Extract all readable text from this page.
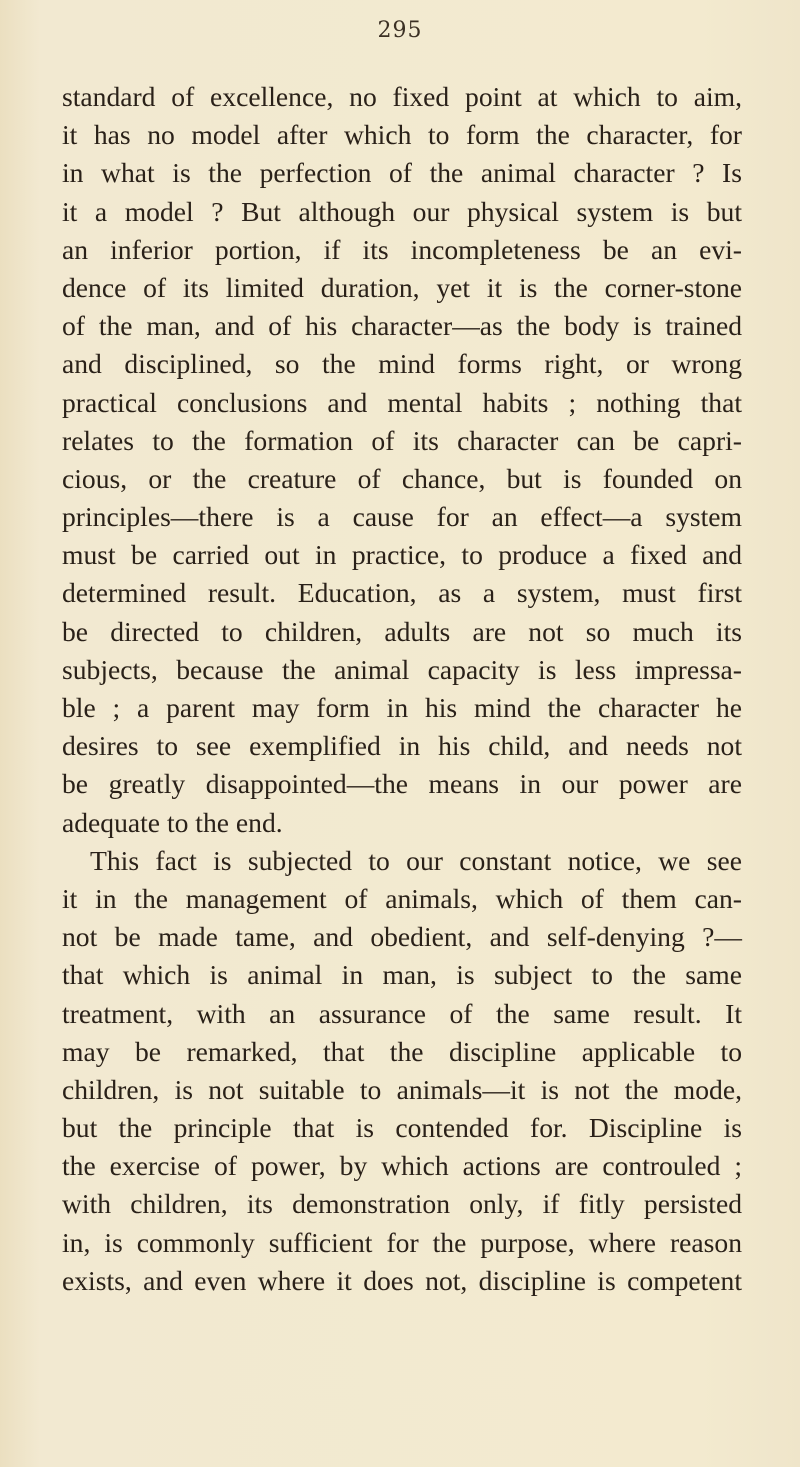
295
standard of excellence, no fixed point at which to aim,
it has no model after which to form the character, for
in what is the perfection of the animal character ? Is
it a model ? But although our physical system is but
an inferior portion, if its incompleteness be an evi-
dence of its limited duration, yet it is the corner-stone
of the man, and of his character—as the body is trained
and disciplined, so the mind forms right, or wrong
practical conclusions and mental habits ; nothing that
relates to the formation of its character can be capri-
cious, or the creature of chance, but is founded on
principles—there is a cause for an effect—a system
must be carried out in practice, to produce a fixed and
determined result. Education, as a system, must first
be directed to children, adults are not so much its
subjects, because the animal capacity is less impressa-
ble ; a parent may form in his mind the character he
desires to see exemplified in his child, and needs not
be greatly disappointed—the means in our power are
adequate to the end.
This fact is subjected to our constant notice, we see
it in the management of animals, which of them can-
not be made tame, and obedient, and self-denying ?—
that which is animal in man, is subject to the same
treatment, with an assurance of the same result. It
may be remarked, that the discipline applicable to
children, is not suitable to animals—it is not the mode,
but the principle that is contended for. Discipline is
the exercise of power, by which actions are controuled ;
with children, its demonstration only, if fitly persisted
in, is commonly sufficient for the purpose, where reason
exists, and even where it does not, discipline is competent
